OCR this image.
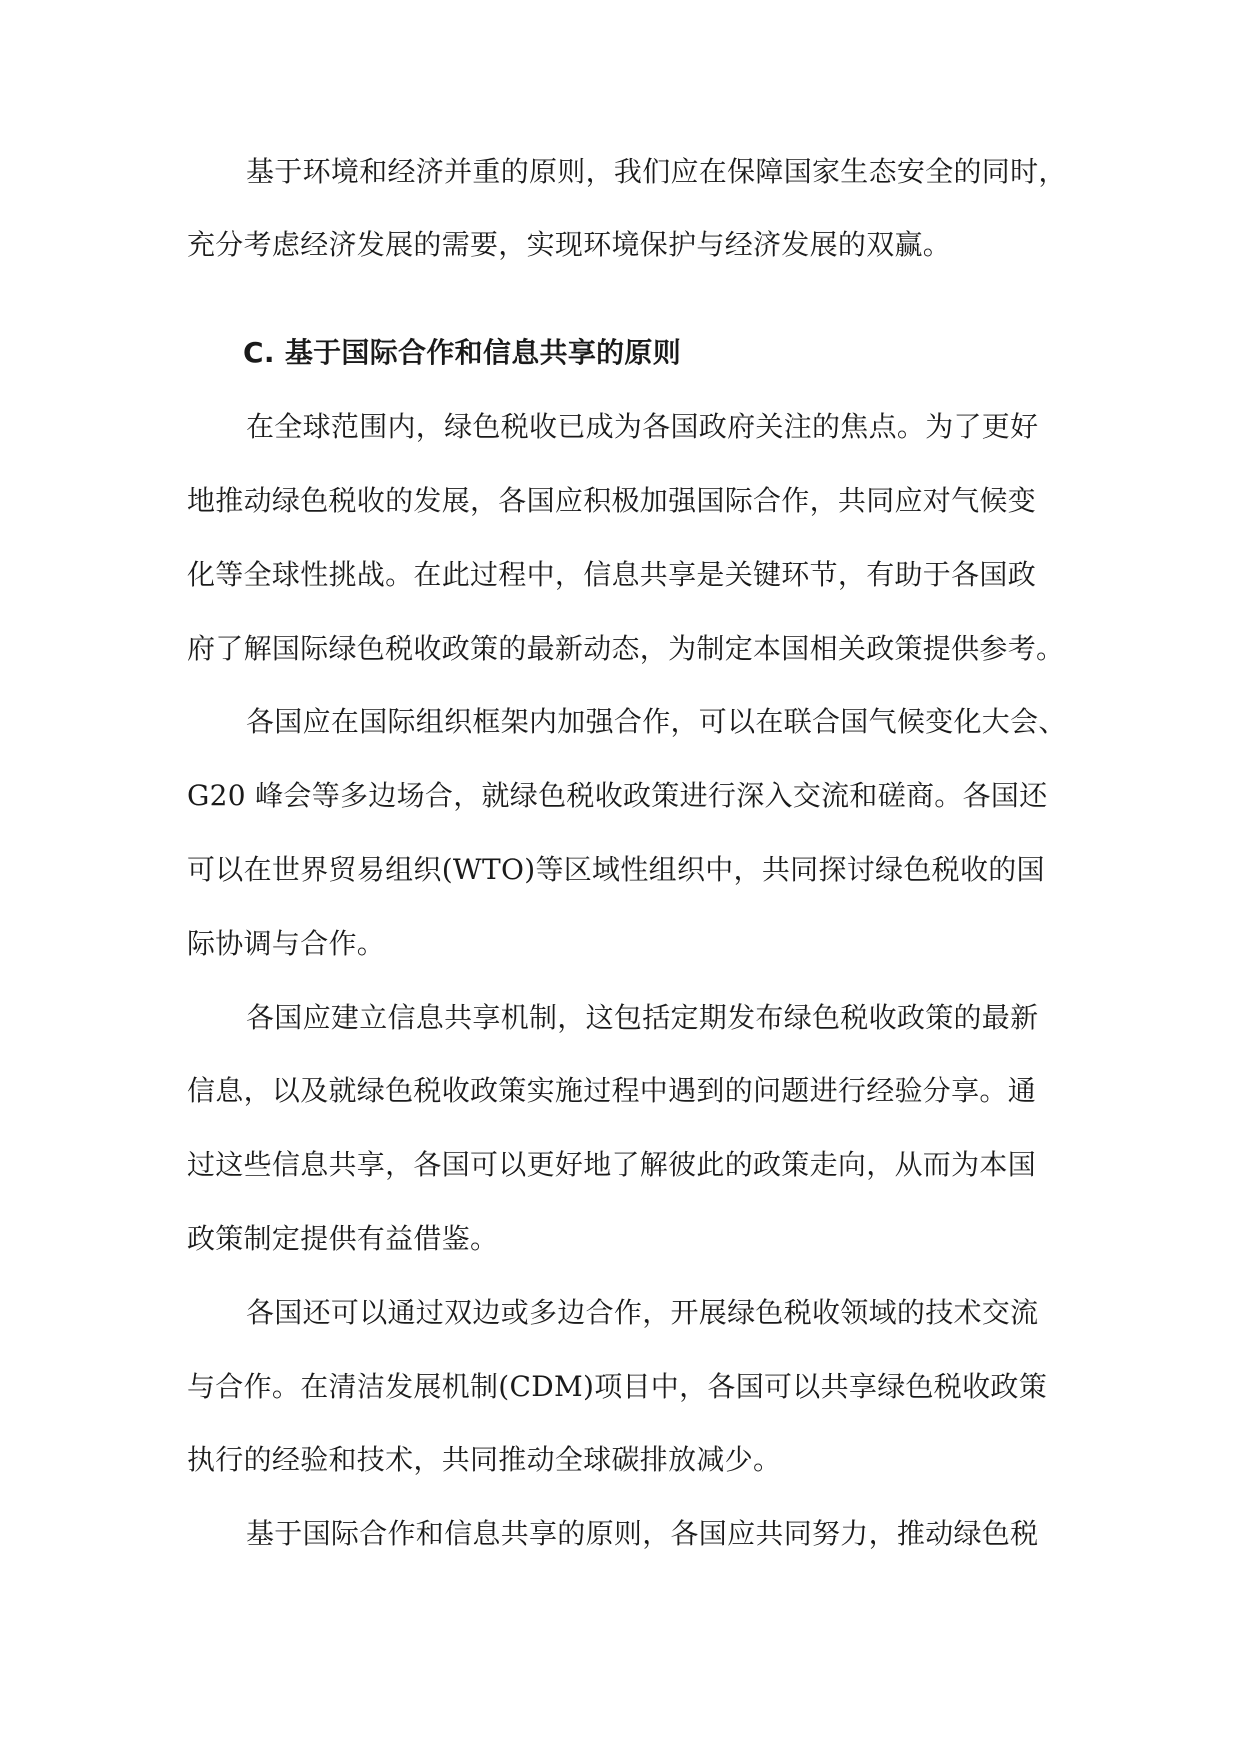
基于环境和经济并重的原则，我们应在保障国家生态安全的同时，
充分考虑经济发展的需要，实现环境保护与经济发展的双赢。
C. 基于国际合作和信息共享的原则
在全球范围内，绿色税收已成为各国政府关注的焦点。为了更好
地推动绿色税收的发展，各国应积极加强国际合作，共同应对气候变
化等全球性挑战。在此过程中，信息共享是关键环节，有助于各国政
府了解国际绿色税收政策的最新动态，为制定本国相关政策提供参考。
各国应在国际组织框架内加强合作，可以在联合国气候变化大会、
G20 峰会等多边场合，就绿色税收政策进行深入交流和磋商。各国还
可以在世界贸易组织(WTO)等区域性组织中，共同探讨绿色税收的国
际协调与合作。
各国应建立信息共享机制，这包括定期发布绿色税收政策的最新
信息，以及就绿色税收政策实施过程中遇到的问题进行经验分享。通
过这些信息共享，各国可以更好地了解彼此的政策走向，从而为本国
政策制定提供有益借鉴。
各国还可以通过双边或多边合作，开展绿色税收领域的技术交流
与合作。在清洁发展机制(CDM)项目中，各国可以共享绿色税收政策
执行的经验和技术，共同推动全球碳排放减少。
基于国际合作和信息共享的原则，各国应共同努力，推动绿色税
